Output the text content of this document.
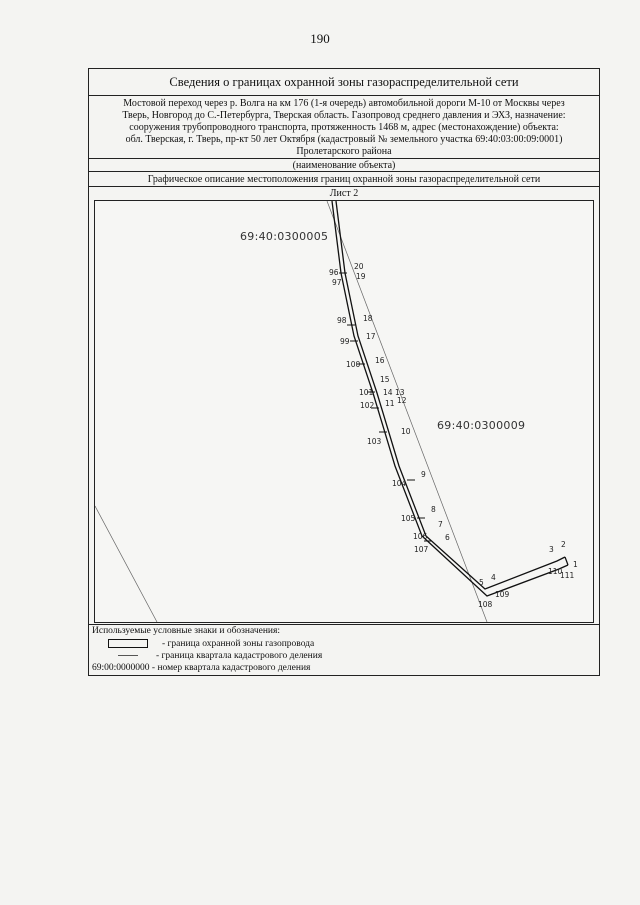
190
Сведения о границах охранной зоны газораспределительной сети
Мостовой переход через р. Волга на км 176 (1-я очередь) автомобильной дороги М-10 от Москвы через
Тверь, Новгород до С.-Петербурга, Тверская область. Газопровод среднего давления и ЭХЗ, назначение:
сооружения трубопроводного транспорта, протяженность 1468 м, адрес (местонахождение) объекта:
обл. Тверская, г. Тверь, пр-кт 50 лет Октября (кадастровый № земельного участка 69:40:03:00:09:0001)
Пролетарского района
(наименование объекта)
Графическое описание местоположения границ охранной зоны газораспределительной сети
Лист 2
69:40:0300005
69:40:0300009
96
20
19
97
98 18
17
99
100 16
15
101 14 13
102 11 12
10
103
9
104
8
105
7
106 6
107
5
4
108
109
3
2
110
1
111
Используемые условные знаки и обозначения:
- граница охранной зоны газопровода
- граница квартала кадастрового деления
69:00:0000000 - номер квартала кадастрового деления
